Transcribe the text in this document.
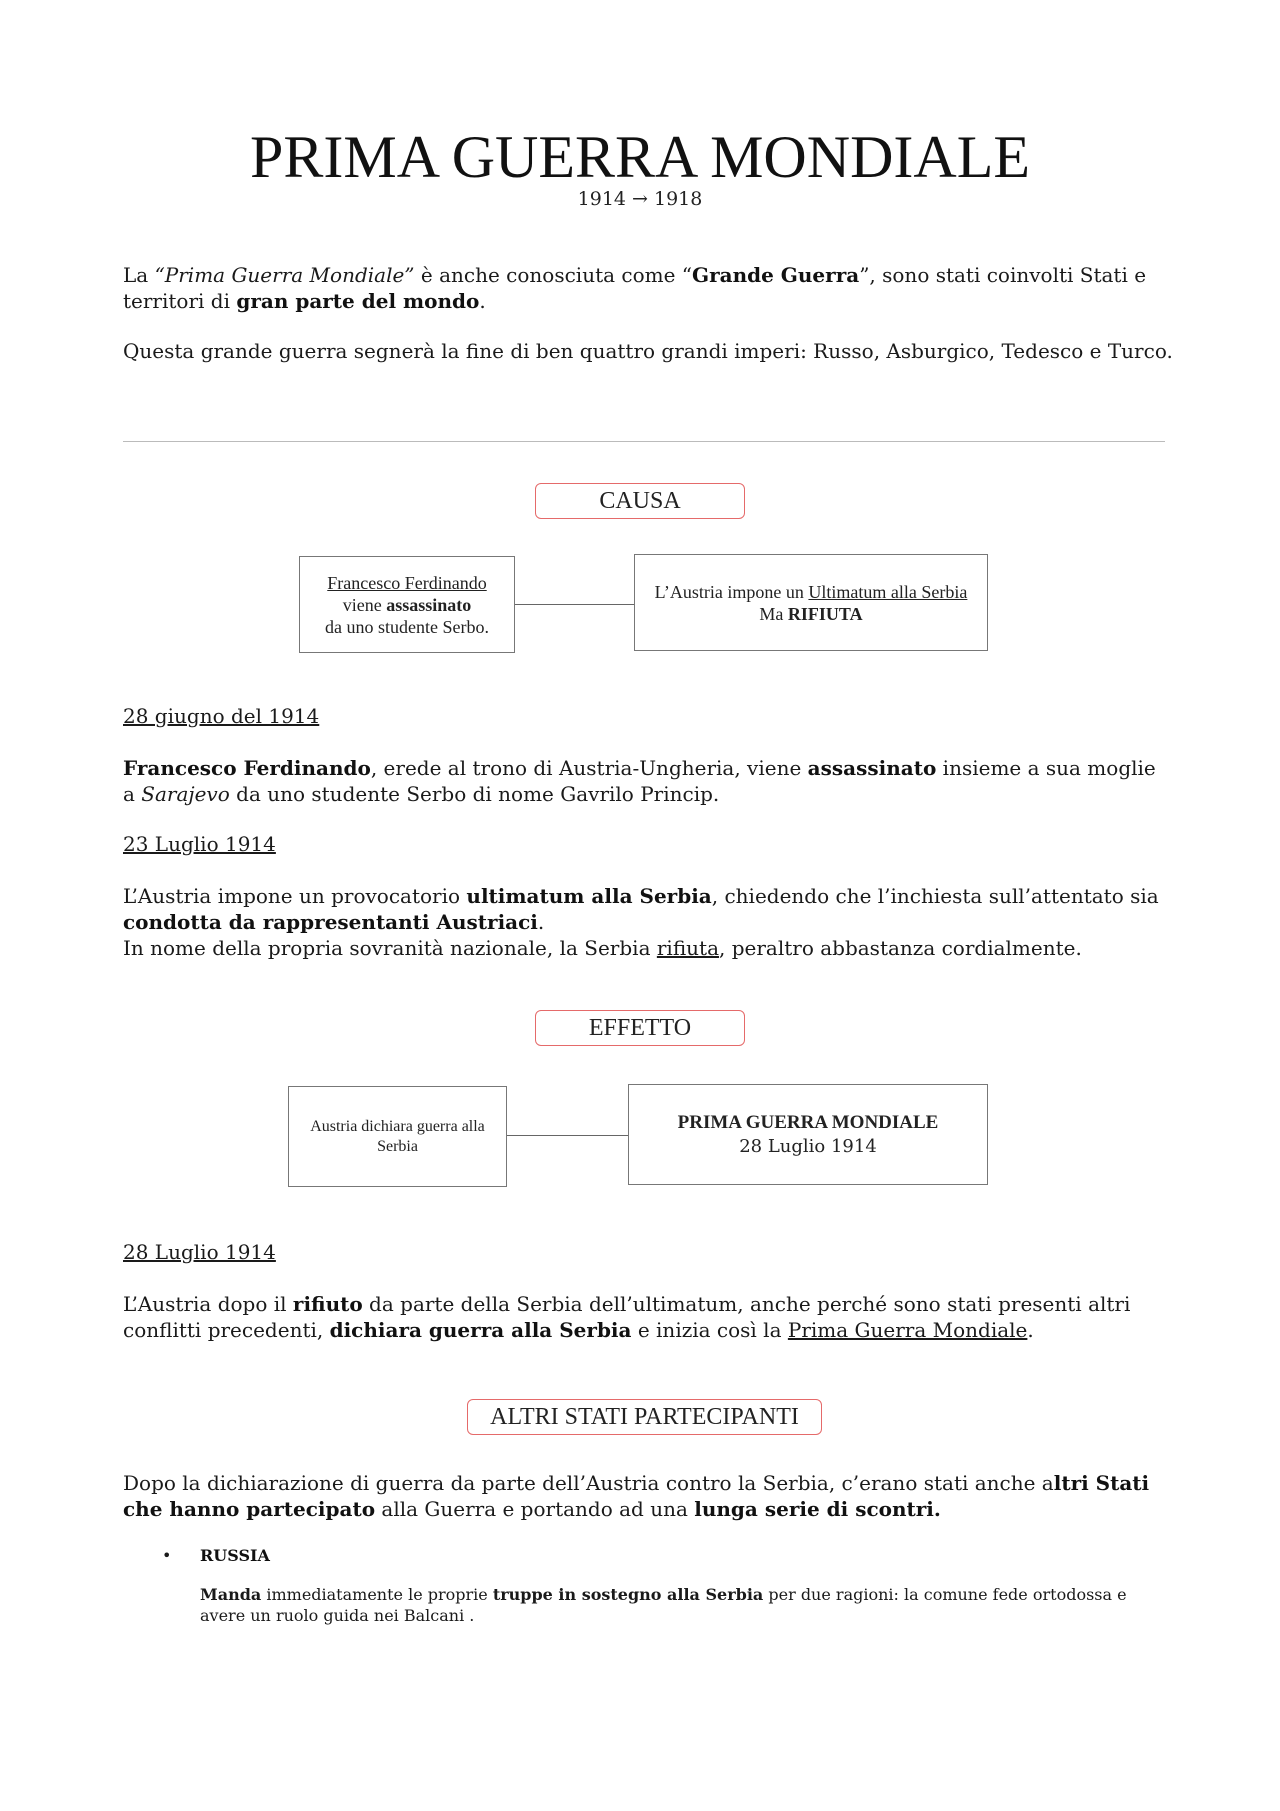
PRIMA GUERRA MONDIALE
1914 → 1918
La “Prima Guerra Mondiale” è anche conosciuta come “Grande Guerra”, sono stati coinvolti Stati e territori di gran parte del mondo.
Questa grande guerra segnerà la fine di ben quattro grandi imperi: Russo, Asburgico, Tedesco e Turco.
CAUSA
Francesco Ferdinando
viene assassinato
da uno studente Serbo.
L’Austria impone un Ultimatum alla Serbia
Ma RIFIUTA
28 giugno del 1914
Francesco Ferdinando, erede al trono di Austria-Ungheria, viene assassinato insieme a sua moglie a Sarajevo da uno studente Serbo di nome Gavrilo Princip.
23 Luglio 1914
L’Austria impone un provocatorio ultimatum alla Serbia, chiedendo che l’inchiesta sull’attentato sia condotta da rappresentanti Austriaci.
In nome della propria sovranità nazionale, la Serbia rifiuta, peraltro abbastanza cordialmente.
EFFETTO
Austria dichiara guerra alla Serbia
PRIMA GUERRA MONDIALE
28 Luglio 1914
28 Luglio 1914
L’Austria dopo il rifiuto da parte della Serbia dell’ultimatum, anche perché sono stati presenti altri conflitti precedenti, dichiara guerra alla Serbia e inizia così la Prima Guerra Mondiale.
ALTRI STATI PARTECIPANTI
Dopo la dichiarazione di guerra da parte dell’Austria contro la Serbia, c’erano stati anche altri Stati che hanno partecipato alla Guerra e portando ad una lunga serie di scontri.
• RUSSIA
Manda immediatamente le proprie truppe in sostegno alla Serbia per due ragioni: la comune fede ortodossa e avere un ruolo guida nei Balcani .
